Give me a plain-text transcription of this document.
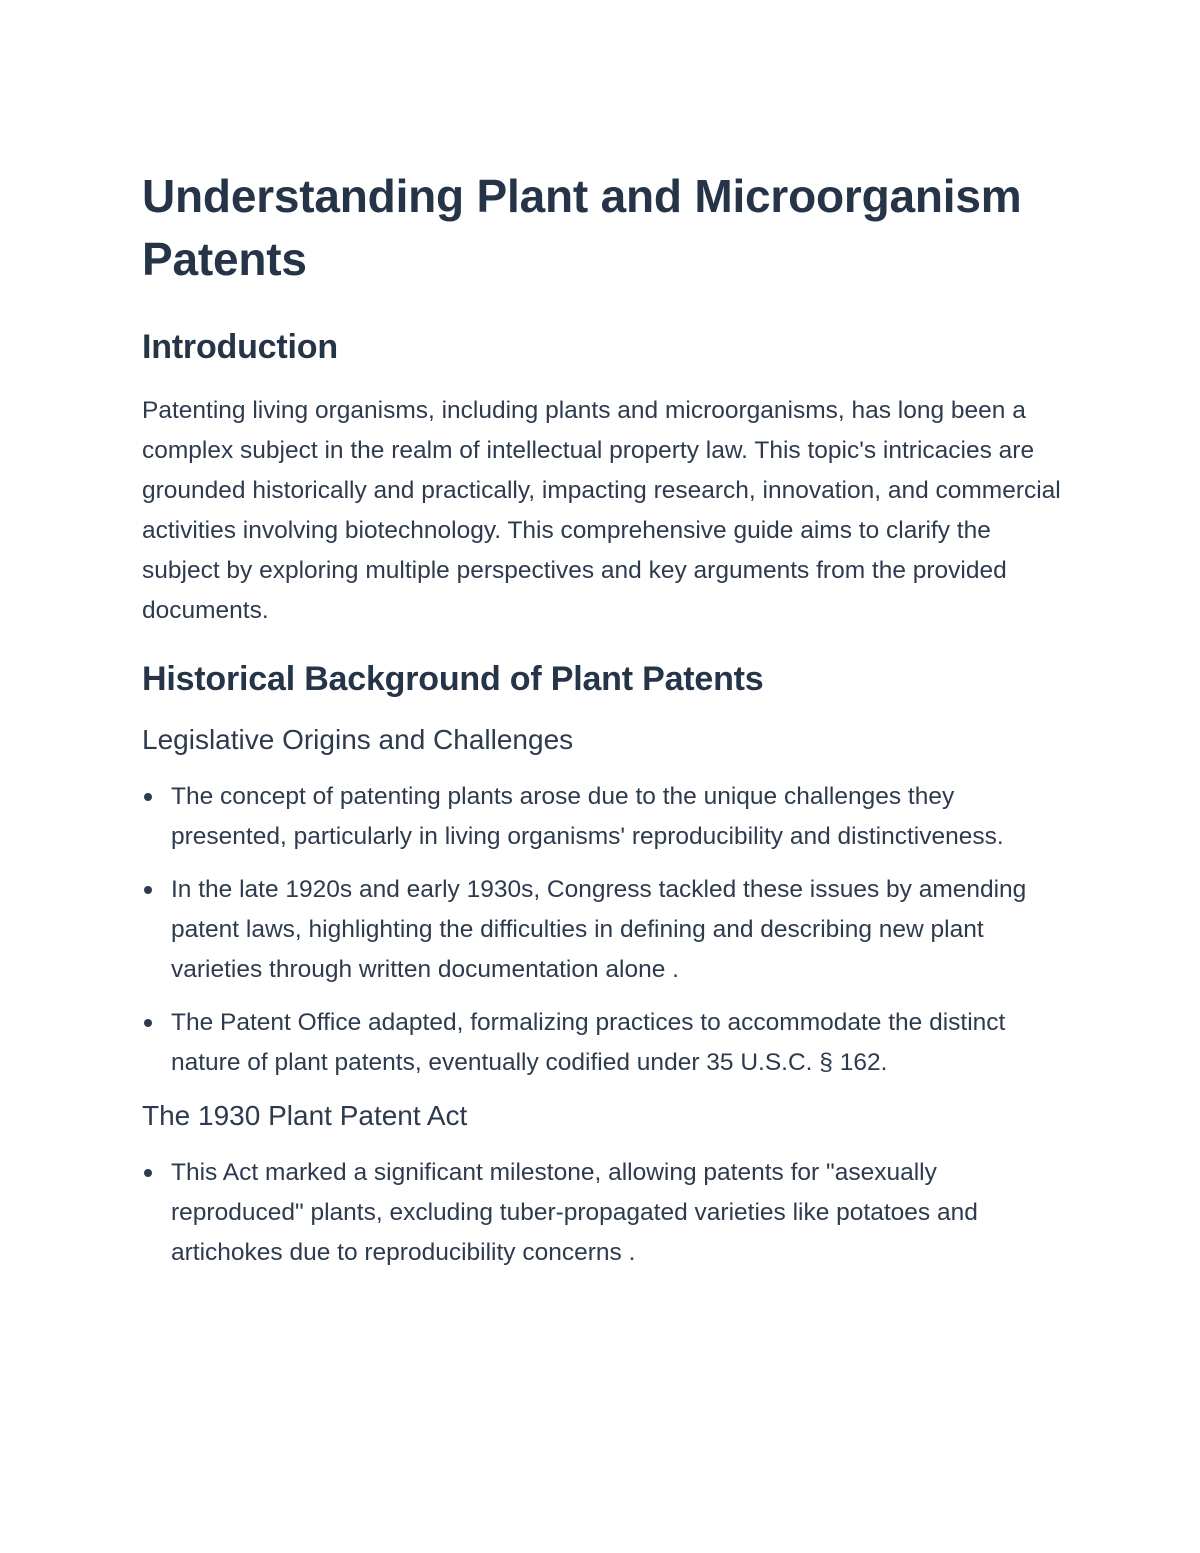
Understanding Plant and Microorganism Patents
Introduction

Patenting living organisms, including plants and microorganisms, has long been a complex subject in the realm of intellectual property law. This topic's intricacies are grounded historically and practically, impacting research, innovation, and commercial activities involving biotechnology. This comprehensive guide aims to clarify the subject by exploring multiple perspectives and key arguments from the provided documents.

Historical Background of Plant Patents
Legislative Origins and Challenges
The concept of patenting plants arose due to the unique challenges they presented, particularly in living organisms' reproducibility and distinctiveness.
In the late 1920s and early 1930s, Congress tackled these issues by amending patent laws, highlighting the difficulties in defining and describing new plant varieties through written documentation alone .
The Patent Office adapted, formalizing practices to accommodate the distinct nature of plant patents, eventually codified under 35 U.S.C. § 162.
The 1930 Plant Patent Act
This Act marked a significant milestone, allowing patents for "asexually reproduced" plants, excluding tuber-propagated varieties like potatoes and artichokes due to reproducibility concerns .
